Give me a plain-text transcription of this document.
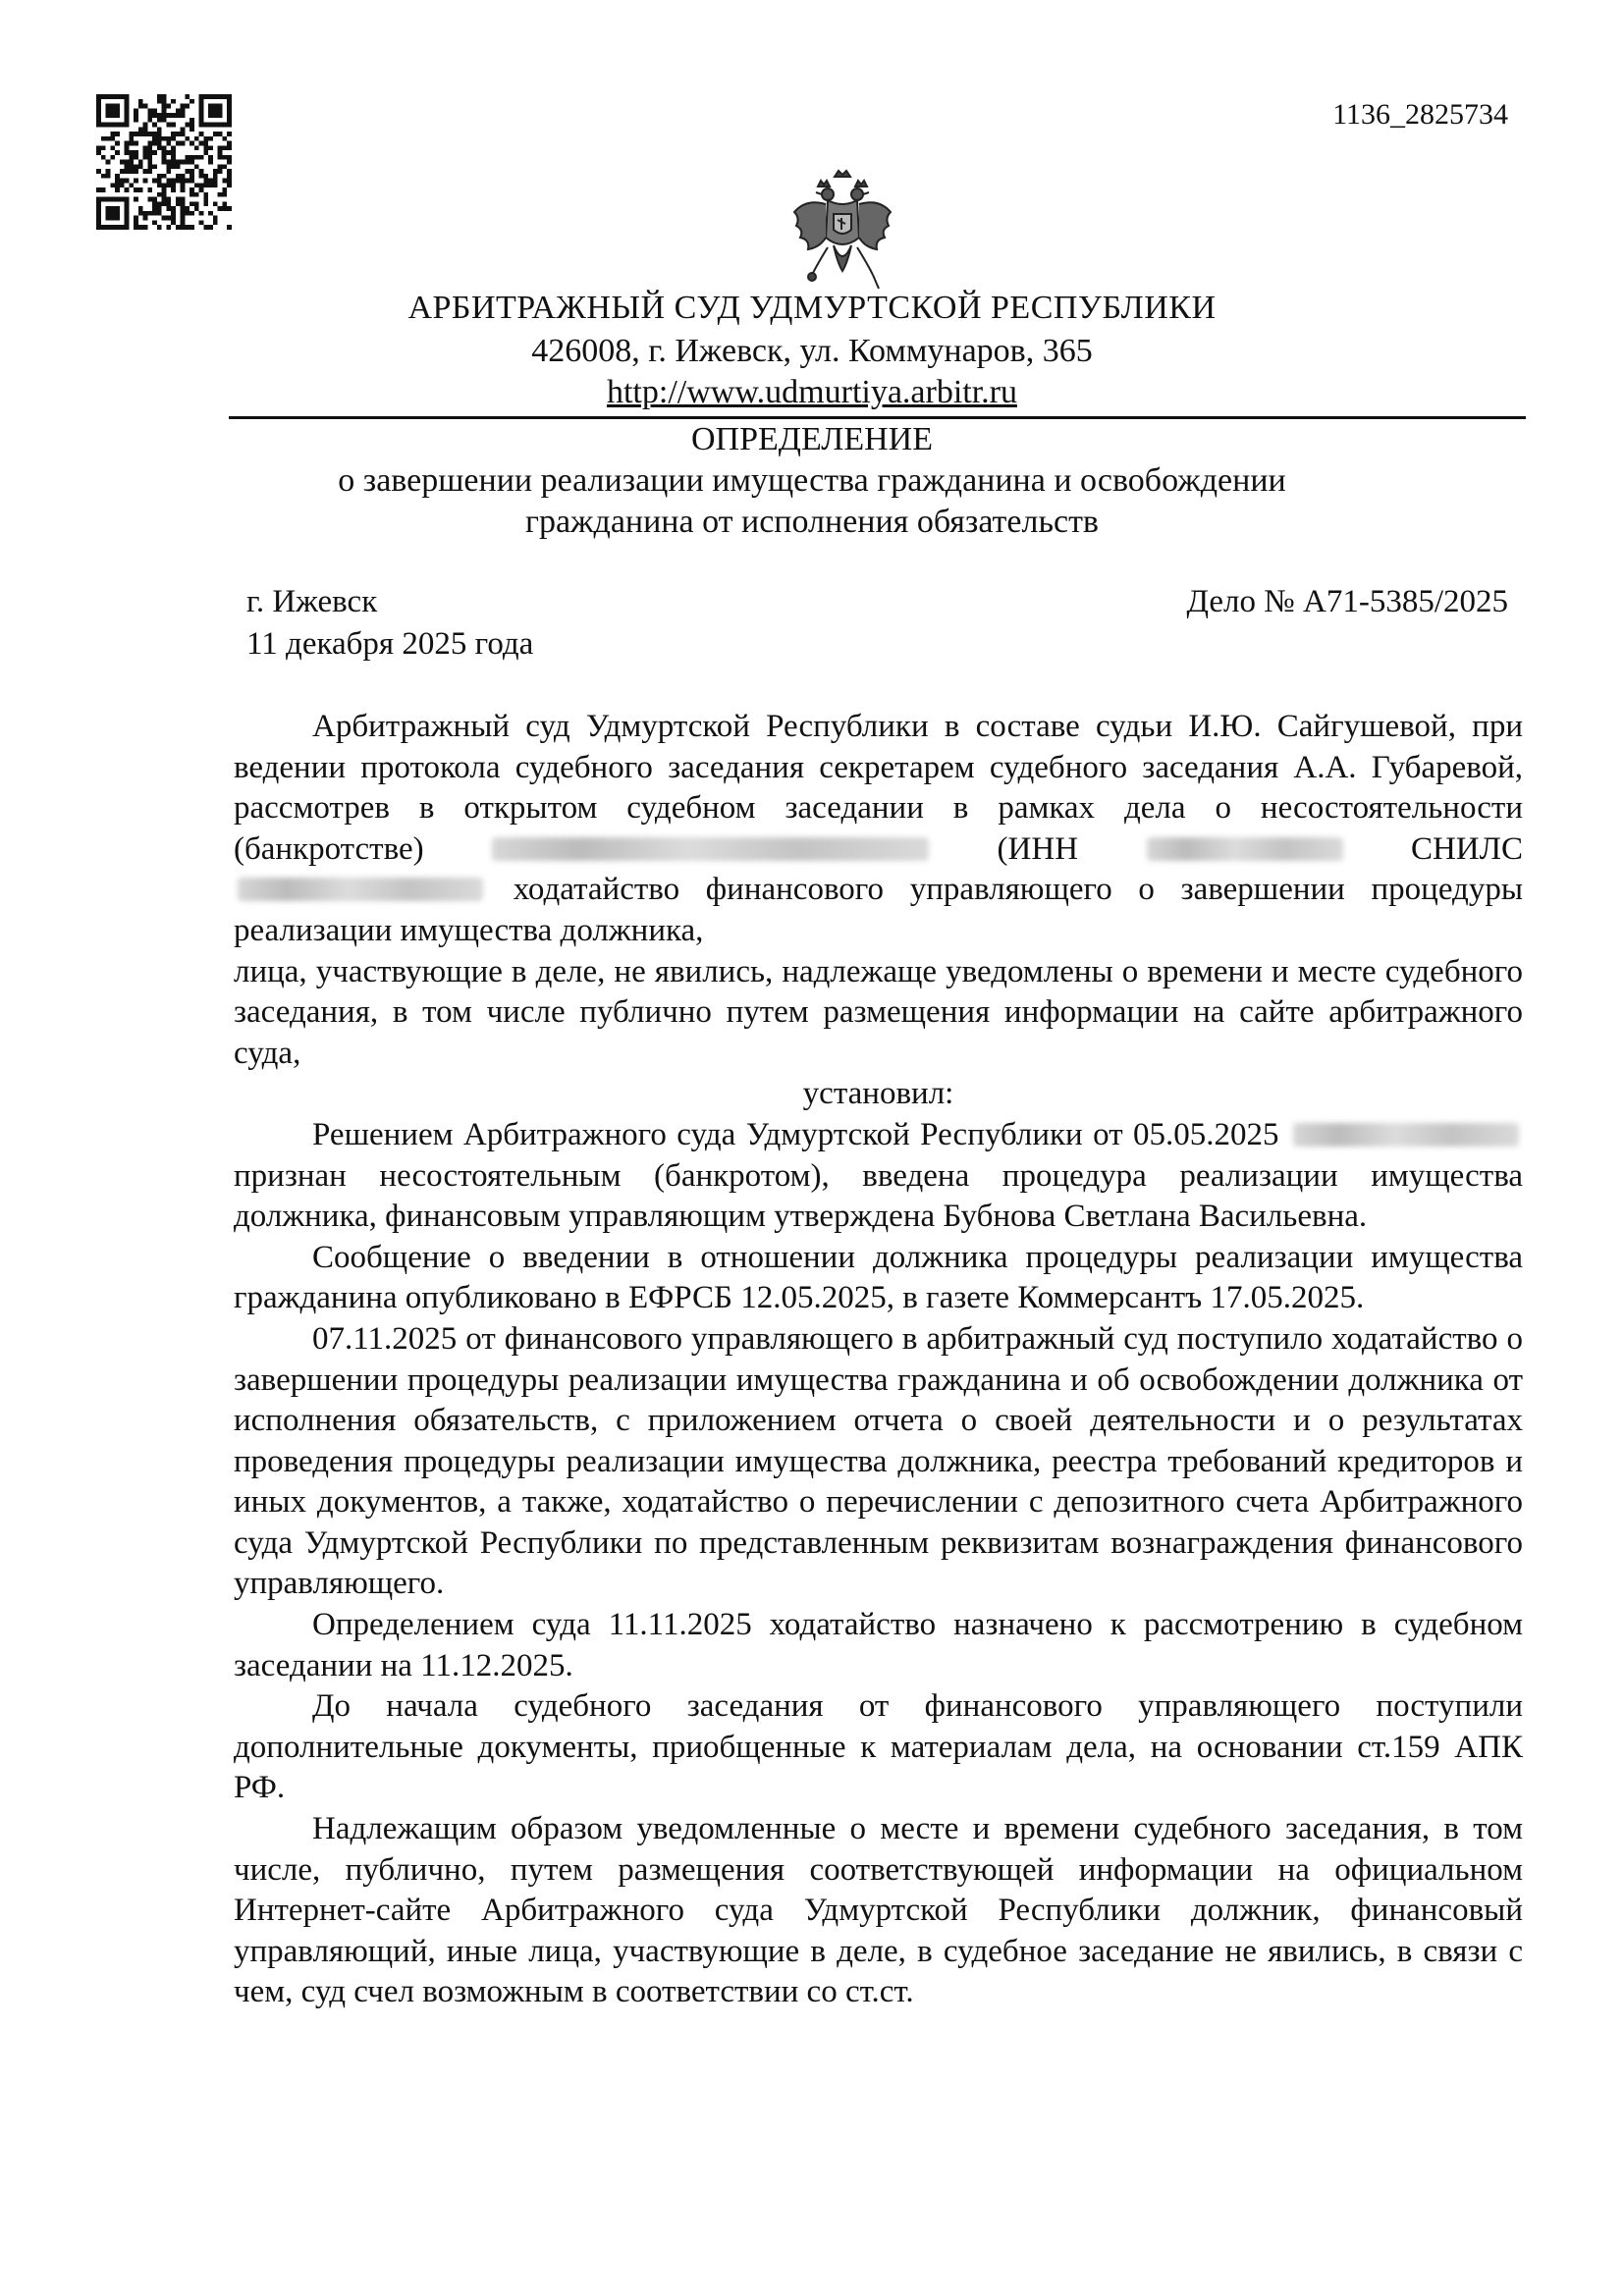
1136_2825734
АРБИТРАЖНЫЙ СУД УДМУРТСКОЙ РЕСПУБЛИКИ
426008, г. Ижевск, ул. Коммунаров, 365
http://www.udmurtiya.arbitr.ru
ОПРЕДЕЛЕНИЕ
о завершении реализации имущества гражданина и освобождении
гражданина от исполнения обязательств
г. Ижевск
11 декабря 2025 года
Дело № А71-5385/2025

Арбитражный суд Удмуртской Республики в составе судьи И.Ю. Сайгушевой, при ведении протокола судебного заседания секретарем судебного заседания А.А. Губаревой, рассмотрев в открытом судебном заседании в рамках дела о несостоятельности (банкротстве)	(ИНН	СНИЛС  ходатайство финансового управляющего о завершении процедуры реализации имущества должника,

лица, участвующие в деле, не явились, надлежаще уведомлены о времени и месте судебного заседания, в том числе публично путем размещения информации на сайте арбитражного суда,

установил:

Решением Арбитражного суда Удмуртской Республики от 05.05.2025  признан несостоятельным (банкротом), введена процедура реализации имущества должника, финансовым управляющим утверждена Бубнова Светлана Васильевна.

Сообщение о введении в отношении должника процедуры реализации имущества гражданина опубликовано в ЕФРСБ 12.05.2025, в газете Коммерсантъ 17.05.2025.

07.11.2025 от финансового управляющего в арбитражный суд поступило ходатайство о завершении процедуры реализации имущества гражданина и об освобождении должника от исполнения обязательств, с приложением отчета о своей деятельности и о результатах проведения процедуры реализации имущества должника, реестра требований кредиторов и иных документов, а также, ходатайство о перечислении с депозитного счета Арбитражного суда Удмуртской Республики по представленным реквизитам вознаграждения финансового управляющего.

Определением суда 11.11.2025 ходатайство назначено к рассмотрению в судебном заседании на 11.12.2025.

До начала судебного заседания от финансового управляющего поступили дополнительные документы, приобщенные к материалам дела, на основании ст.159 АПК РФ.

Надлежащим образом уведомленные о месте и времени судебного заседания, в том числе, публично, путем размещения соответствующей информации на официальном Интернет-сайте Арбитражного суда Удмуртской Республики должник, финансовый управляющий, иные лица, участвующие в деле, в судебное заседание не явились, в связи с чем, суд счел возможным в соответствии со ст.ст.
